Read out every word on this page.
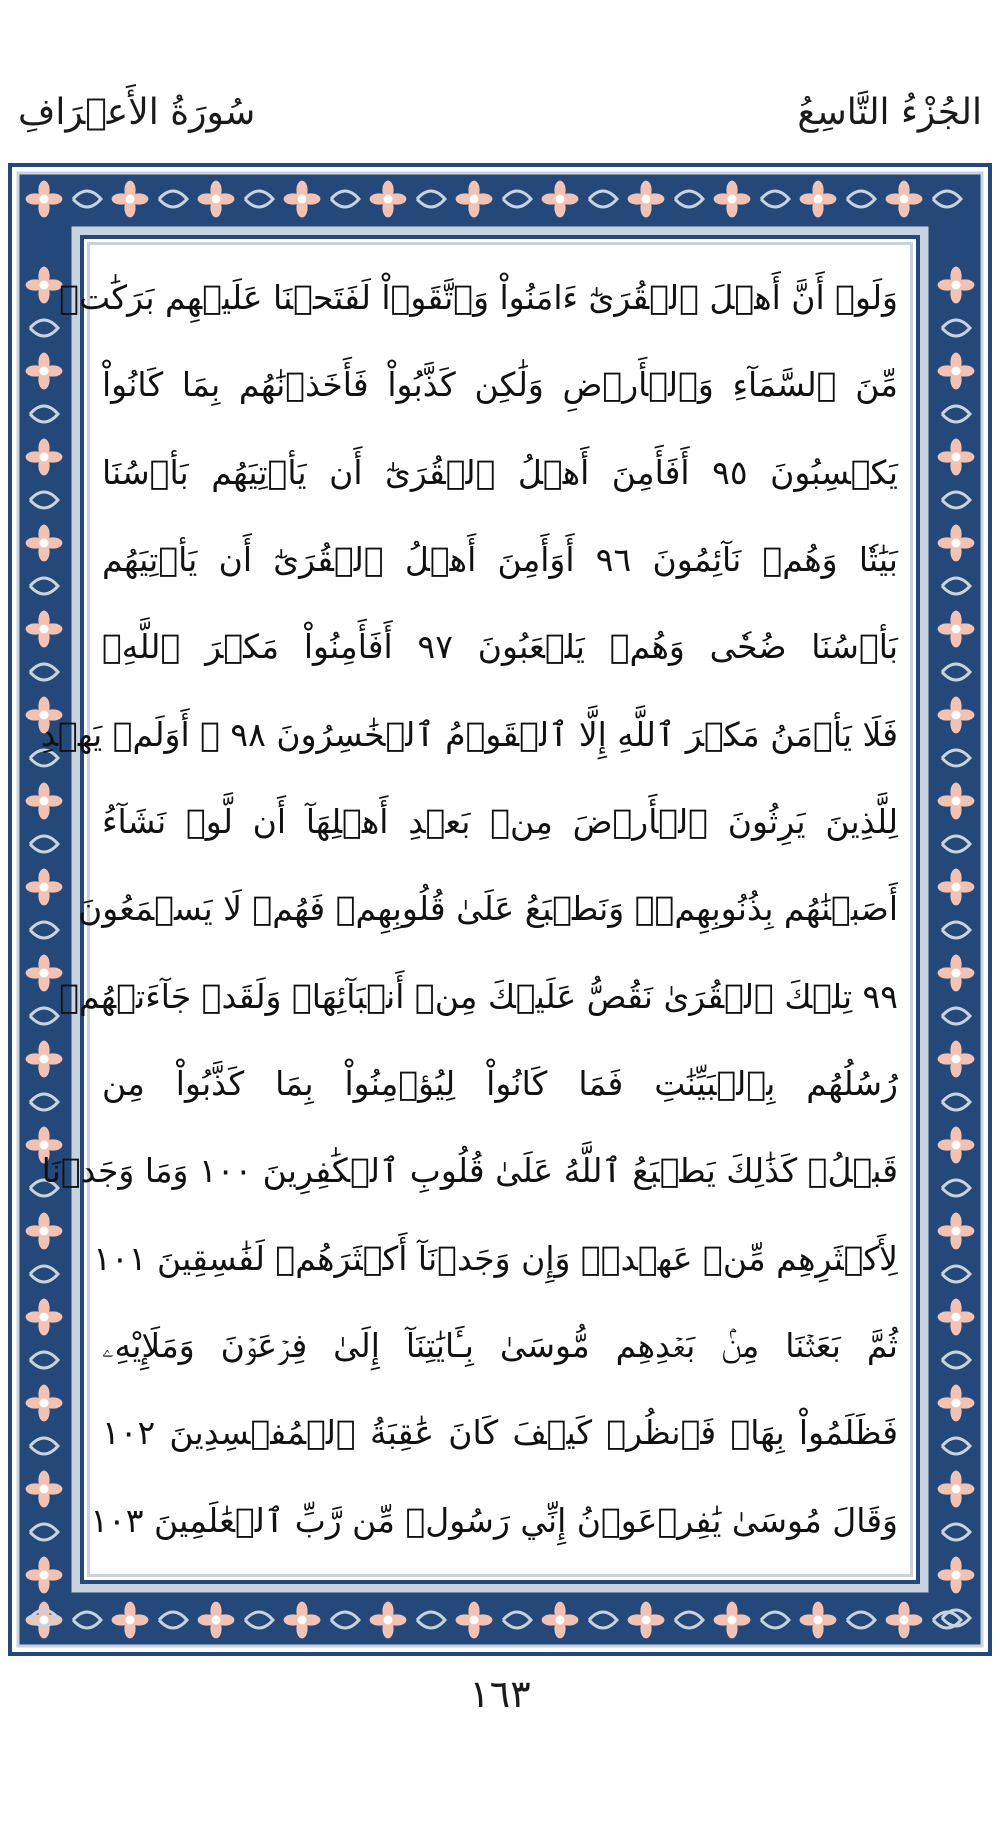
الجُزْءُ التَّاسِعُ
سُورَةُ الأَعۡرَافِ
وَلَوۡ أَنَّ أَهۡلَ ٱلۡقُرَىٰٓ ءَامَنُواْ وَٱتَّقَوۡاْ لَفَتَحۡنَا عَلَيۡهِم بَرَكَٰتٖ
مِّنَ ٱلسَّمَآءِ وَٱلۡأَرۡضِ وَلَٰكِن كَذَّبُواْ فَأَخَذۡنَٰهُم بِمَا كَانُواْ
يَكۡسِبُونَ ٩٥ أَفَأَمِنَ أَهۡلُ ٱلۡقُرَىٰٓ أَن يَأۡتِيَهُم بَأۡسُنَا
بَيَٰتٗا وَهُمۡ نَآئِمُونَ ٩٦ أَوَأَمِنَ أَهۡلُ ٱلۡقُرَىٰٓ أَن يَأۡتِيَهُم
بَأۡسُنَا ضُحٗى وَهُمۡ يَلۡعَبُونَ ٩٧ أَفَأَمِنُواْ مَكۡرَ ٱللَّهِۚ
فَلَا يَأۡمَنُ مَكۡرَ ٱللَّهِ إِلَّا ٱلۡقَوۡمُ ٱلۡخَٰسِرُونَ ٩٨ ۞ أَوَلَمۡ يَهۡدِ
لِلَّذِينَ يَرِثُونَ ٱلۡأَرۡضَ مِنۢ بَعۡدِ أَهۡلِهَآ أَن لَّوۡ نَشَآءُ
أَصَبۡنَٰهُم بِذُنُوبِهِمۡۚ وَنَطۡبَعُ عَلَىٰ قُلُوبِهِمۡ فَهُمۡ لَا يَسۡمَعُونَ
٩٩ تِلۡكَ ٱلۡقُرَىٰ نَقُصُّ عَلَيۡكَ مِنۡ أَنۢبَآئِهَاۚ وَلَقَدۡ جَآءَتۡهُمۡ
رُسُلُهُم بِٱلۡبَيِّنَٰتِ فَمَا كَانُواْ لِيُؤۡمِنُواْ بِمَا كَذَّبُواْ مِن
قَبۡلُۚ كَذَٰلِكَ يَطۡبَعُ ٱللَّهُ عَلَىٰ قُلُوبِ ٱلۡكَٰفِرِينَ ١٠٠ وَمَا وَجَدۡنَا
لِأَكۡثَرِهِم مِّنۡ عَهۡدٖۖ وَإِن وَجَدۡنَآ أَكۡثَرَهُمۡ لَفَٰسِقِينَ ١٠١
ثُمَّ بَعَثۡنَا مِنۢ بَعۡدِهِم مُّوسَىٰ بِـَٔايَٰتِنَآ إِلَىٰ فِرۡعَوۡنَ وَمَلَإِيْهِۦ
فَظَلَمُواْ بِهَاۖ فَٱنظُرۡ كَيۡفَ كَانَ عَٰقِبَةُ ٱلۡمُفۡسِدِينَ ١٠٢
وَقَالَ مُوسَىٰ يَٰفِرۡعَوۡنُ إِنِّي رَسُولٞ مِّن رَّبِّ ٱلۡعَٰلَمِينَ ١٠٣
١٦٣
